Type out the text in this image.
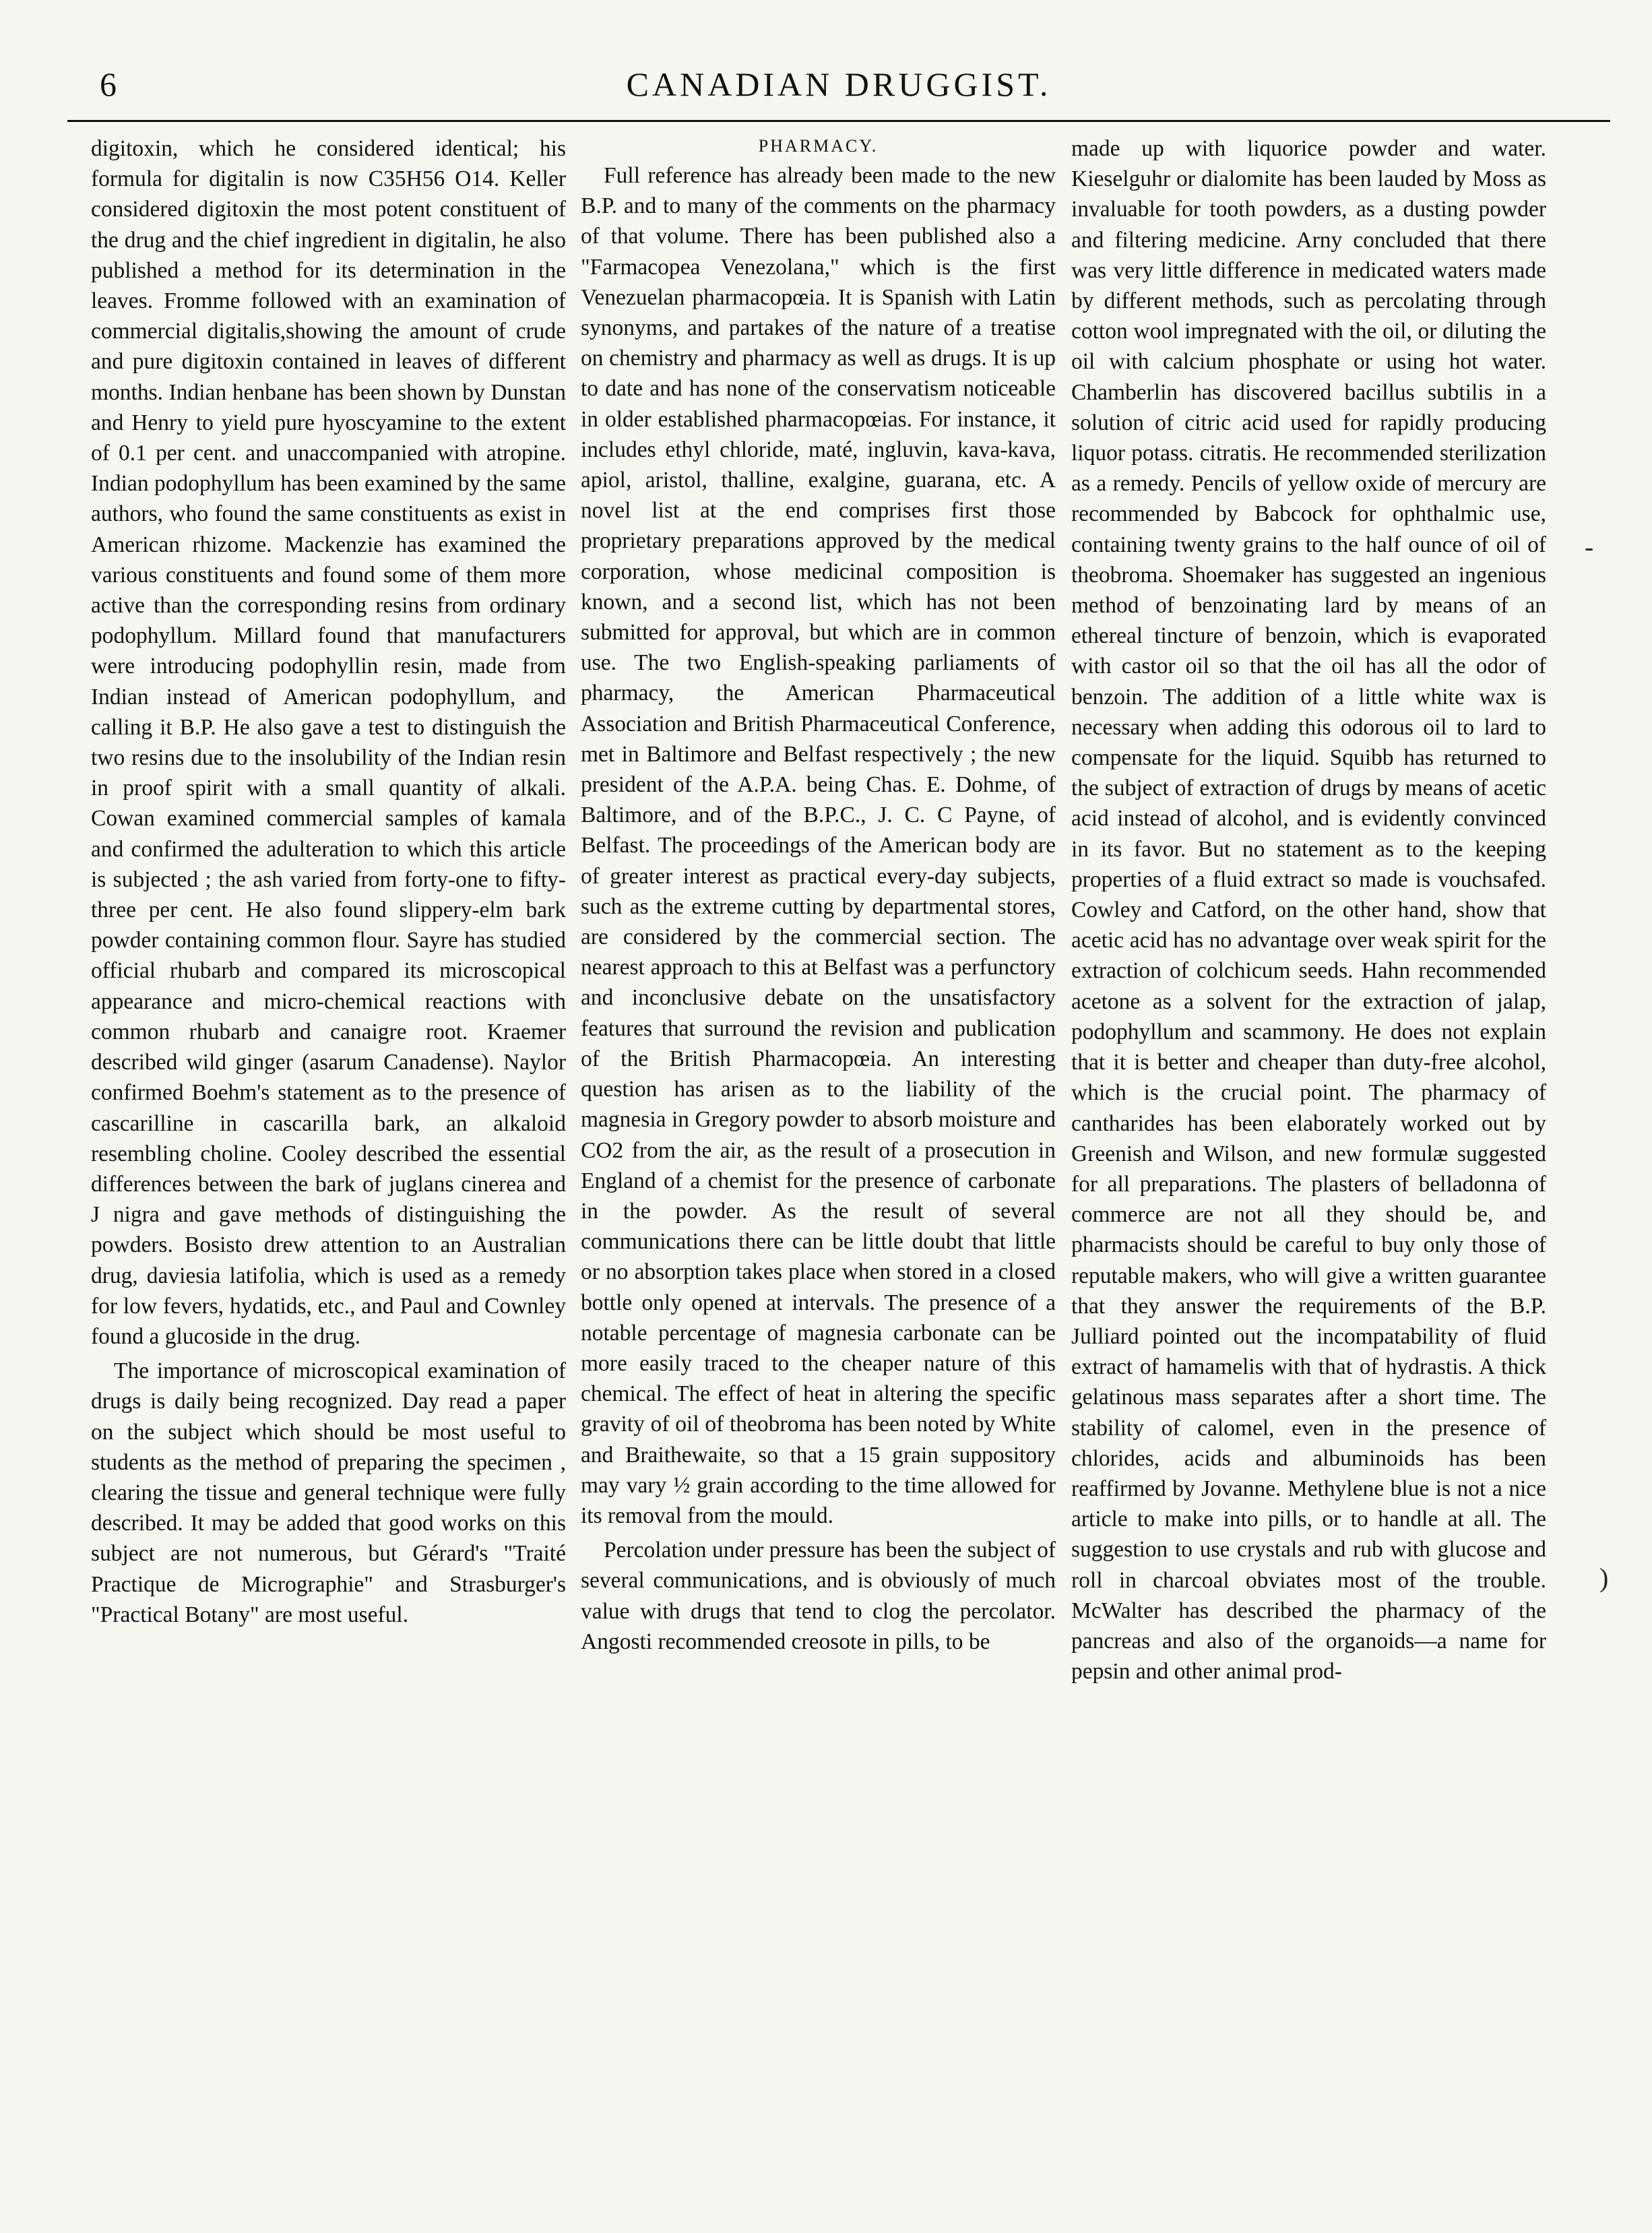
6	CANADIAN DRUGGIST.

digitoxin, which he considered identical; his formula for digitalin is now C35H56 O14. Keller considered digitoxin the most potent constituent of the drug and the chief ingredient in digitalin, he also published a method for its determination in the leaves. Fromme followed with an examination of commercial digitalis,showing the amount of crude and pure digitoxin contained in leaves of different months. Indian henbane has been shown by Dunstan and Henry to yield pure hyoscyamine to the extent of 0.1 per cent. and unaccompanied with atropine. Indian podophyllum has been examined by the same authors, who found the same constituents as exist in American rhizome. Mackenzie has examined the various constituents and found some of them more active than the corresponding resins from ordinary podophyllum. Millard found that manufacturers were introducing podophyllin resin, made from Indian instead of American podophyllum, and calling it B.P. He also gave a test to distinguish the two resins due to the insolubility of the Indian resin in proof spirit with a small quantity of alkali. Cowan examined commercial samples of kamala and confirmed the adulteration to which this article is subjected ; the ash varied from forty-one to fifty-three per cent. He also found slippery-elm bark powder containing common flour. Sayre has studied official rhubarb and compared its microscopical appearance and micro-chemical reactions with common rhubarb and canaigre root. Kraemer described wild ginger (asarum Canadense). Naylor confirmed Boehm's statement as to the presence of cascarilline in cascarilla bark, an alkaloid resembling choline. Cooley described the essential differences between the bark of juglans cinerea and J nigra and gave methods of distinguishing the powders. Bosisto drew attention to an Australian drug, daviesia latifolia, which is used as a remedy for low fevers, hydatids, etc., and Paul and Cownley found a glucoside in the drug.

The importance of microscopical examination of drugs is daily being recognized. Day read a paper on the subject which should be most useful to students as the method of preparing the specimen , clearing the tissue and general technique were fully described. It may be added that good works on this subject are not numerous, but Gérard's "Traité Practique de Micrographie" and Strasburger's "Practical Botany" are most useful.

PHARMACY.

Full reference has already been made to the new B.P. and to many of the comments on the pharmacy of that volume. There has been published also a "Farmacopea Venezolana," which is the first Venezuelan pharmacopœia. It is Spanish with Latin synonyms, and partakes of the nature of a treatise on chemistry and pharmacy as well as drugs. It is up to date and has none of the conservatism noticeable in older established pharmacopœias. For instance, it includes ethyl chloride, maté, ingluvin, kava-kava, apiol, aristol, thalline, exalgine, guarana, etc. A novel list at the end comprises first those proprietary preparations approved by the medical corporation, whose medicinal composition is known, and a second list, which has not been submitted for approval, but which are in common use. The two English-speaking parliaments of pharmacy, the American Pharmaceutical Association and British Pharmaceutical Conference, met in Baltimore and Belfast respectively ; the new president of the A.P.A. being Chas. E. Dohme, of Baltimore, and of the B.P.C., J. C. C Payne, of Belfast. The proceedings of the American body are of greater interest as practical every-day subjects, such as the extreme cutting by departmental stores, are considered by the commercial section. The nearest approach to this at Belfast was a perfunctory and inconclusive debate on the unsatisfactory features that surround the revision and publication of the British Pharmacopœia. An interesting question has arisen as to the liability of the magnesia in Gregory powder to absorb moisture and CO2 from the air, as the result of a prosecution in England of a chemist for the presence of carbonate in the powder. As the result of several communications there can be little doubt that little or no absorption takes place when stored in a closed bottle only opened at intervals. The presence of a notable percentage of magnesia carbonate can be more easily traced to the cheaper nature of this chemical. The effect of heat in altering the specific gravity of oil of theobroma has been noted by White and Braithewaite, so that a 15 grain suppository may vary ½ grain according to the time allowed for its removal from the mould.

Percolation under pressure has been the subject of several communications, and is obviously of much value with drugs that tend to clog the percolator. Angosti recommended creosote in pills, to be

made up with liquorice powder and water. Kieselguhr or dialomite has been lauded by Moss as invaluable for tooth powders, as a dusting powder and filtering medicine. Arny concluded that there was very little difference in medicated waters made by different methods, such as percolating through cotton wool impregnated with the oil, or diluting the oil with calcium phosphate or using hot water. Chamberlin has discovered bacillus subtilis in a solution of citric acid used for rapidly producing liquor potass. citratis. He recommended sterilization as a remedy. Pencils of yellow oxide of mercury are recommended by Babcock for ophthalmic use, containing twenty grains to the half ounce of oil of theobroma. Shoemaker has suggested an ingenious method of benzoinating lard by means of an ethereal tincture of benzoin, which is evaporated with castor oil so that the oil has all the odor of benzoin. The addition of a little white wax is necessary when adding this odorous oil to lard to compensate for the liquid. Squibb has returned to the subject of extraction of drugs by means of acetic acid instead of alcohol, and is evidently convinced in its favor. But no statement as to the keeping properties of a fluid extract so made is vouchsafed. Cowley and Catford, on the other hand, show that acetic acid has no advantage over weak spirit for the extraction of colchicum seeds. Hahn recommended acetone as a solvent for the extraction of jalap, podophyllum and scammony. He does not explain that it is better and cheaper than duty-free alcohol, which is the crucial point. The pharmacy of cantharides has been elaborately worked out by Greenish and Wilson, and new formulæ suggested for all preparations. The plasters of belladonna of commerce are not all they should be, and pharmacists should be careful to buy only those of reputable makers, who will give a written guarantee that they answer the requirements of the B.P. Julliard pointed out the incompatability of fluid extract of hamamelis with that of hydrastis. A thick gelatinous mass separates after a short time. The stability of calomel, even in the presence of chlorides, acids and albuminoids has been reaffirmed by Jovanne. Methylene blue is not a nice article to make into pills, or to handle at all. The suggestion to use crystals and rub with glucose and roll in charcoal obviates most of the trouble. McWalter has described the pharmacy of the pancreas and also of the organoids—a name for pepsin and other animal prod-

-
)
